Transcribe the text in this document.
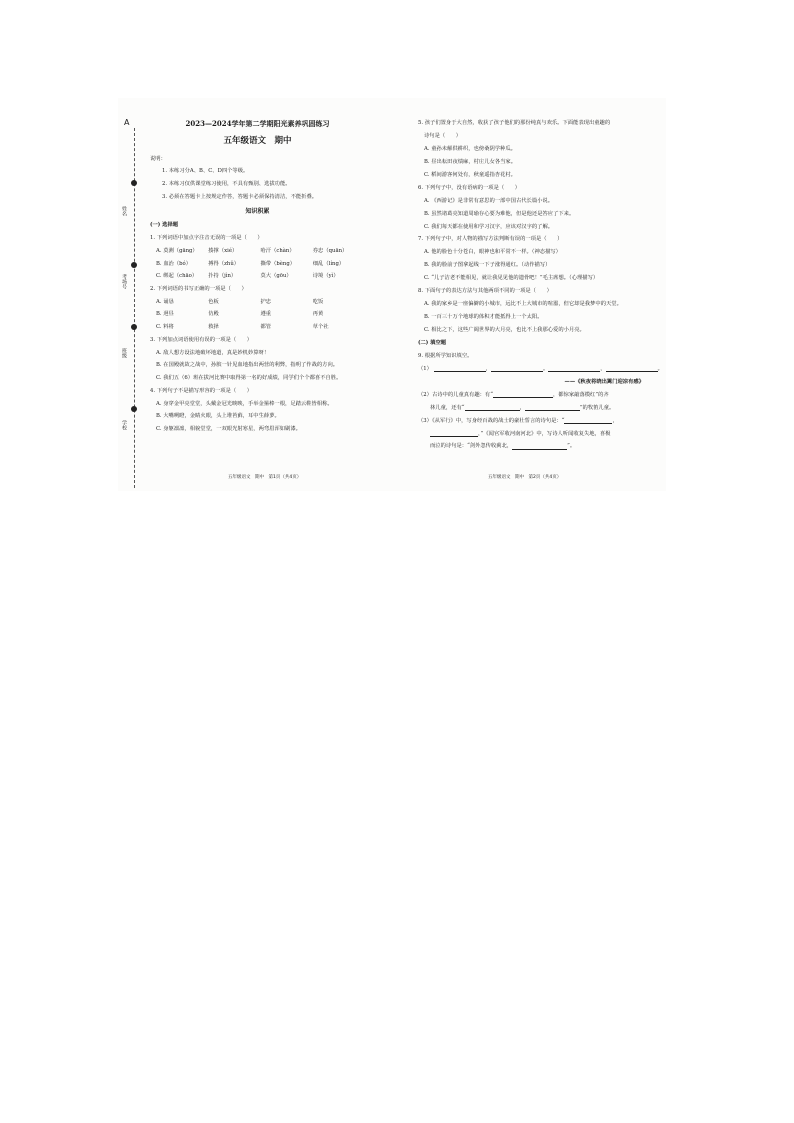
A
姓名
考场号
班级
学校
2023—2024学年第二学期阳光素养巩固练习
五年级语文　期中
说明：
1. 本练习分A、B、C、D四个等级。
2. 本练习仅供课堂练习使用，不具有甄别、选拔功能。
3. 必须在答题卡上按规定作答，答题卡必须保持清洁，不能折叠。
知识积累
(一) 选择题
1. 下列词语中加点字注音无误的一项是（　　）
A. 莫测（gāng）	揍撑（xié）	哈汗（chàn）	券忠（quān）
B. 血治（bó）	搏得（zhǔ）	撕带（bèng）	细乱（líng）
C. 绑起（chāo）	扑持（jìn）	莫大（gōu）	诗境（yì）
2. 下列词语的书写正确的一项是（　　）
A. 诵恳	色板	护忠	吃饭
B. 迥昼	仿殿	遵重	再黄
C. 料将	救择	都管	草个社
3. 下列加点词语使用有误的一项是（　　）
A. 敌人想方设法地破坏地道，真是妙机妙算呀！
B. 在国殿就故之战中，孙膑一针见血地指出两营的利弊，指明了作战的方向。
C. 我们五（6）班在拔河比赛中取得第一名的好成绩，同学们个个都喜不自胜。
4. 下列句子不是描写形容的一项是（　　）
A. 身穿金甲亮堂堂，头戴金冠光映映，手举金箍棒一根，足踏云鞋皆相称。
B. 大嘴咧瞪，金睛火眼，头上堆苔藓，耳中生薛萝。
C. 身躯凛凛，相貌堂堂，一双眼光射寒星，两弯眉浑如刷漆。
五年级语文　期中　第1页（共4页）
5. 孩子们置身于大自然，收获了孩子他们的那份纯真与欢乐。下面能表现出童趣的
诗句是（　　）
A. 童孙未解供耕织，也傍桑阴学种瓜。
B. 昼出耘田夜绩麻，村庄儿女各当家。
C. 稻间游客何处有，秋童遥指杏花村。
6. 下列句子中，没有语病的一项是（　　）
A. 《西游记》是非常有意思的一部中国古代长篇小说。
B. 虽然诸葛亮知道周瑜存心要为难他，但是他还是答应了下来。
C. 我们每天都在使用和学习汉字，应该对汉字的了解。
7. 下列句子中，对人物的描写方法判断有误的一项是（　　）
A. 他的脸色十分苍白，眼神也和平常不一样。（神态描写）
B. 我的脸前子图拿起线一下子涨得通红。（动作描写）
C. “儿子洁老不能相见，就让我见见他的遗骨吧！”毛主席想。（心理描写）
8. 下面句子的表达方法与其他两项不同的一项是（　　）
A. 我的家乡是一座偏僻的小城市，远比不上大城市的喧嚣，但它却是我梦中的天堂。
B. 一百三十万个地球的体积才能抵得上一个太阳。
C. 相比之下，这些广阔世界的大月亮，也比不上我那心爱的小月亮。
(二) 填空题
9. 根据所学知识填空。
（1）	，	。	，
——《秋夜将晓出篱门迎凉有感》
（2）古诗中的儿童真有趣：有“	，都惊家敲落模红”的齐
林儿童，还有“	，	”的牧笛儿童。
（3）《从军行》中，写身经百战的战士的豪壮誓言的诗句是：“	，
，”《闻官军收河南河北》中，写诗人听闻收复失地，喜极
而泣的诗句是：“剑外忽传收蓟北，	”。
五年级语文　期中　第2页（共4页）
